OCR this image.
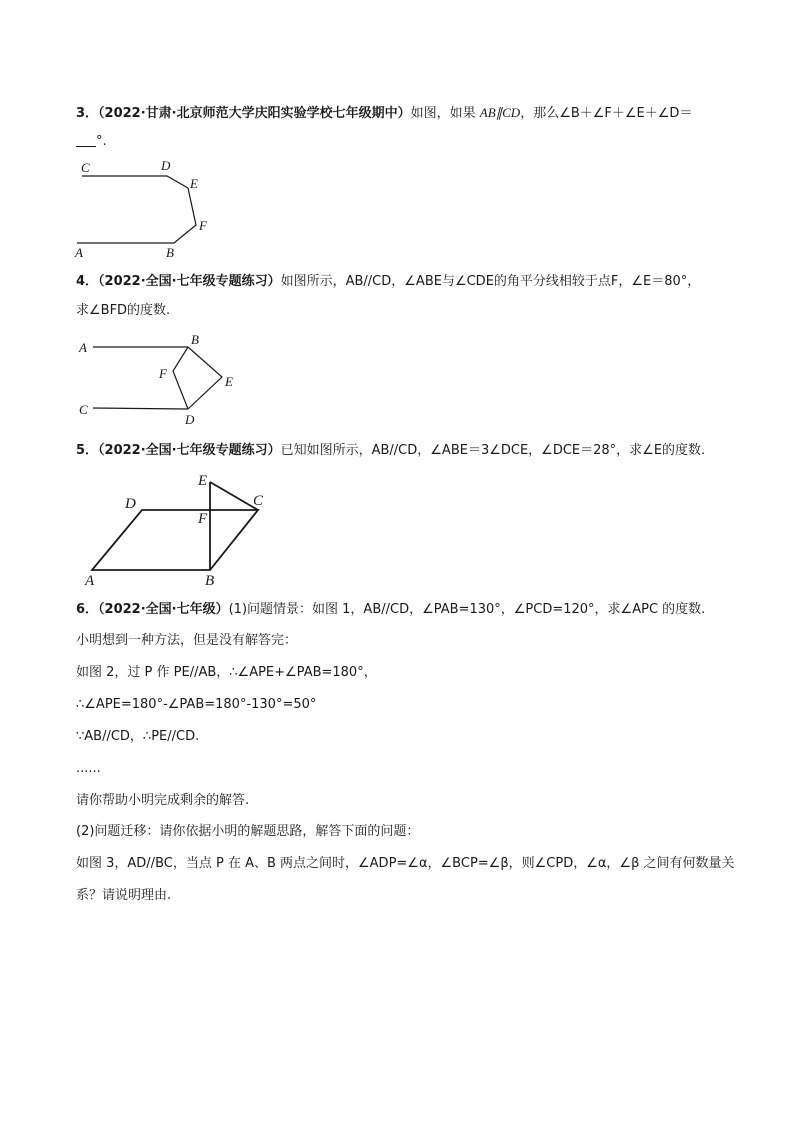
3．（2022·甘肃·北京师范大学庆阳实验学校七年级期中）如图，如果 AB∥CD，那么∠B＋∠F＋∠E＋∠D＝
°.
C	D
E
F
A	B
4．（2022·全国·七年级专题练习）如图所示，AB//CD，∠ABE与∠CDE的角平分线相较于点F，∠E＝80°，
求∠BFD的度数.
A
B
E
F
C
D
5．（2022·全国·七年级专题练习）已知如图所示，AB//CD，∠ABE＝3∠DCE，∠DCE＝28°，求∠E的度数.
E
C
D
F
A	B
6．（2022·全国·七年级）(1)问题情景：如图 1，AB//CD，∠PAB=130°，∠PCD=120°，求∠APC 的度数.
小明想到一种方法，但是没有解答完：
如图 2，过 P 作 PE//AB，∴∠APE+∠PAB=180°，
∴∠APE=180°-∠PAB=180°-130°=50°
∵AB//CD，∴PE//CD.
......
请你帮助小明完成剩余的解答.
(2)问题迁移：请你依据小明的解题思路，解答下面的问题：
如图 3，AD//BC，当点 P 在 A、B 两点之间时，∠ADP=∠α，∠BCP=∠β，则∠CPD，∠α，∠β 之间有何数量关
系？请说明理由.
